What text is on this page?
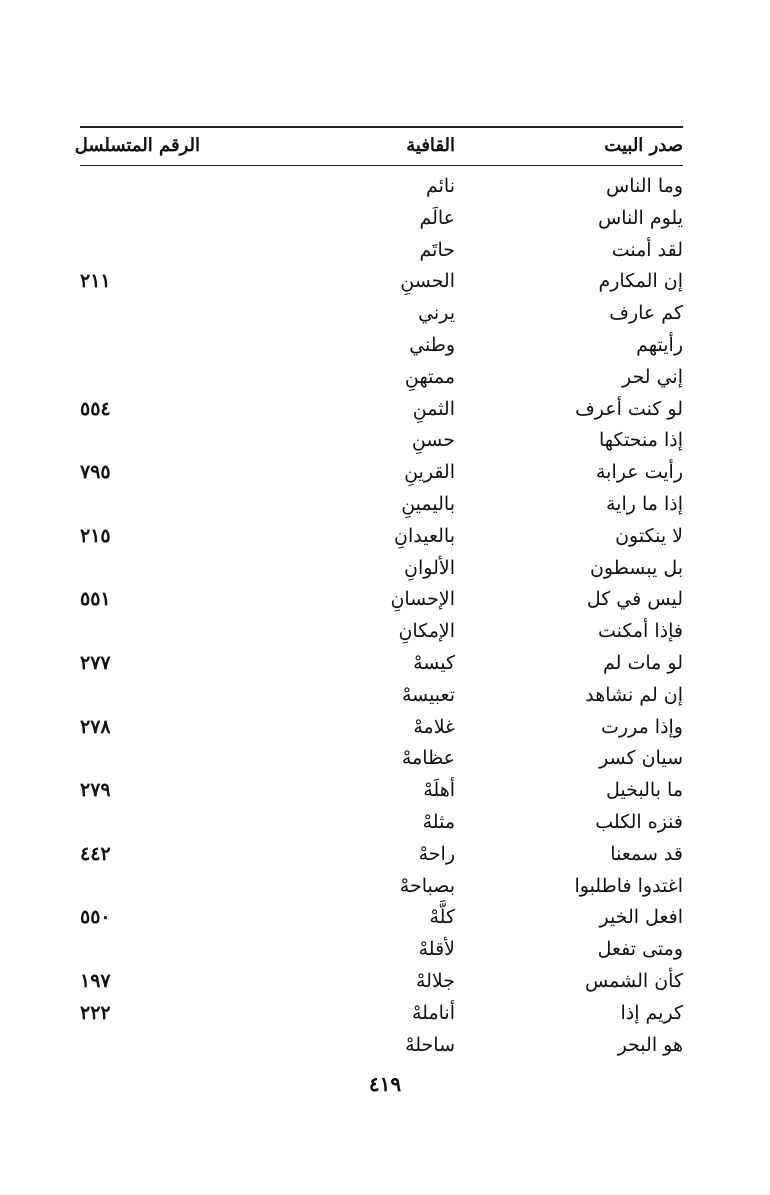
صدر البيت
القافية
الرقم المتسلسل
وما الناس
نائم
يلوم الناس
عالَم
لقد أمنت
حاتَم
إن المكارم
الحسنِ
٢١١
كم عارف
يرني
رأيتهم
وطني
إني لحر
ممتهنِ
لو كنت أعرف
الثمنِ
٥٥٤
إذا منحتكها
حسنِ
رأيت عرابة
القرينِ
٧٩٥
إذا ما راية
باليمينِ
لا ينكتون
بالعيدانِ
٢١٥
بل يبسطون
الألوانِ
ليس في كل
الإحسانِ
٥٥١
فإذا أمكنت
الإمكانِ
لو مات لم
كيسهْ
٢٧٧
إن لم نشاهد
تعبيسهْ
وإذا مررت
غلامهْ
٢٧٨
سيان كسر
عظامهْ
ما بالبخيل
أهلَهْ
٢٧٩
فنزه الكلب
مثلهْ
قد سمعنا
راحهْ
٤٤٢
اغتدوا فاطلبوا
بصباحهْ
افعل الخير
كلَّهْ
٥٥٠
ومتى تفعل
لأقلهْ
كأن الشمس
جلالهْ
١٩٧
كريم إذا
أناملهْ
٢٢٢
هو البحر
ساحلهْ
٤١٩
